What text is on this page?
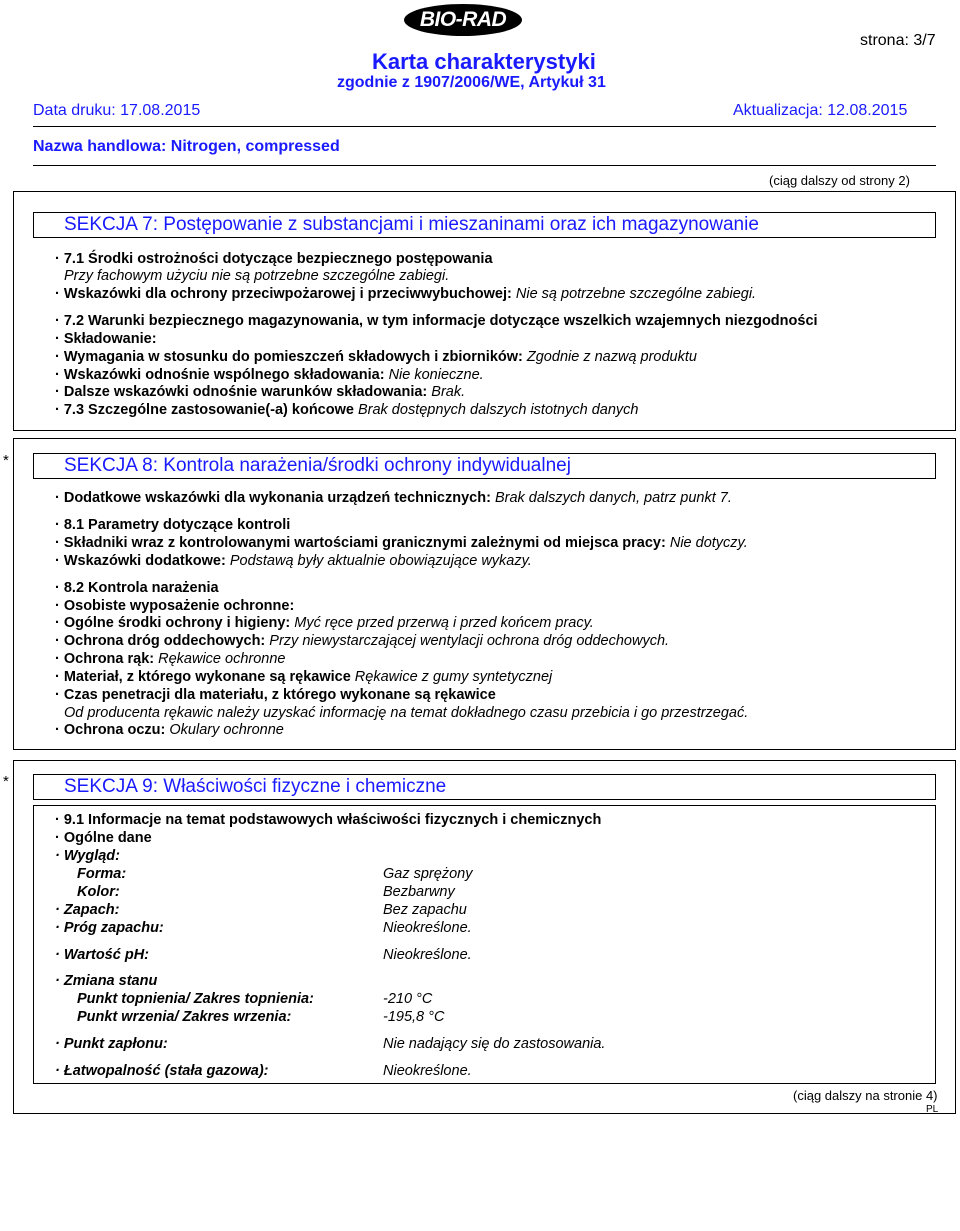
BIO-RAD
strona: 3/7
Karta charakterystyki
zgodnie z 1907/2006/WE, Artykuł 31
Data druku: 17.08.2015	Aktualizacja: 12.08.2015
Nazwa handlowa: Nitrogen, compressed
(ciąg dalszy od strony 2)
SEKCJA 7: Postępowanie z substancjami i mieszaninami oraz ich magazynowanie
· 7.1 Środki ostrożności dotyczące bezpiecznego postępowania
Przy fachowym użyciu nie są potrzebne szczególne zabiegi.
· Wskazówki dla ochrony przeciwpożarowej i przeciwwybuchowej: Nie są potrzebne szczególne zabiegi.
· 7.2 Warunki bezpiecznego magazynowania, w tym informacje dotyczące wszelkich wzajemnych niezgodności
· Składowanie:
· Wymagania w stosunku do pomieszczeń składowych i zbiorników: Zgodnie z nazwą produktu
· Wskazówki odnośnie wspólnego składowania: Nie konieczne.
· Dalsze wskazówki odnośnie warunków składowania: Brak.
· 7.3 Szczególne zastosowanie(-a) końcowe Brak dostępnych dalszych istotnych danych
*	SEKCJA 8: Kontrola narażenia/środki ochrony indywidualnej
· Dodatkowe wskazówki dla wykonania urządzeń technicznych: Brak dalszych danych, patrz punkt 7.
· 8.1 Parametry dotyczące kontroli
· Składniki wraz z kontrolowanymi wartościami granicznymi zależnymi od miejsca pracy: Nie dotyczy.
· Wskazówki dodatkowe: Podstawą były aktualnie obowiązujące wykazy.
· 8.2 Kontrola narażenia
· Osobiste wyposażenie ochronne:
· Ogólne środki ochrony i higieny: Myć ręce przed przerwą i przed końcem pracy.
· Ochrona dróg oddechowych: Przy niewystarczającej wentylacji ochrona dróg oddechowych.
· Ochrona rąk: Rękawice ochronne
· Materiał, z którego wykonane są rękawice Rękawice z gumy syntetycznej
· Czas penetracji dla materiału, z którego wykonane są rękawice
Od producenta rękawic należy uzyskać informację na temat dokładnego czasu przebicia i go przestrzegać.
· Ochrona oczu: Okulary ochronne
*	SEKCJA 9: Właściwości fizyczne i chemiczne
· 9.1 Informacje na temat podstawowych właściwości fizycznych i chemicznych
· Ogólne dane
· Wygląd:
Forma:	Gaz sprężony
Kolor:	Bezbarwny
· Zapach:	Bez zapachu
· Próg zapachu:	Nieokreślone.
· Wartość pH:	Nieokreślone.
· Zmiana stanu
Punkt topnienia/ Zakres topnienia:	-210 °C
Punkt wrzenia/ Zakres wrzenia:	-195,8 °C
· Punkt zapłonu:	Nie nadający się do zastosowania.
· Łatwopalność (stała gazowa):	Nieokreślone.
(ciąg dalszy na stronie 4)
PL
